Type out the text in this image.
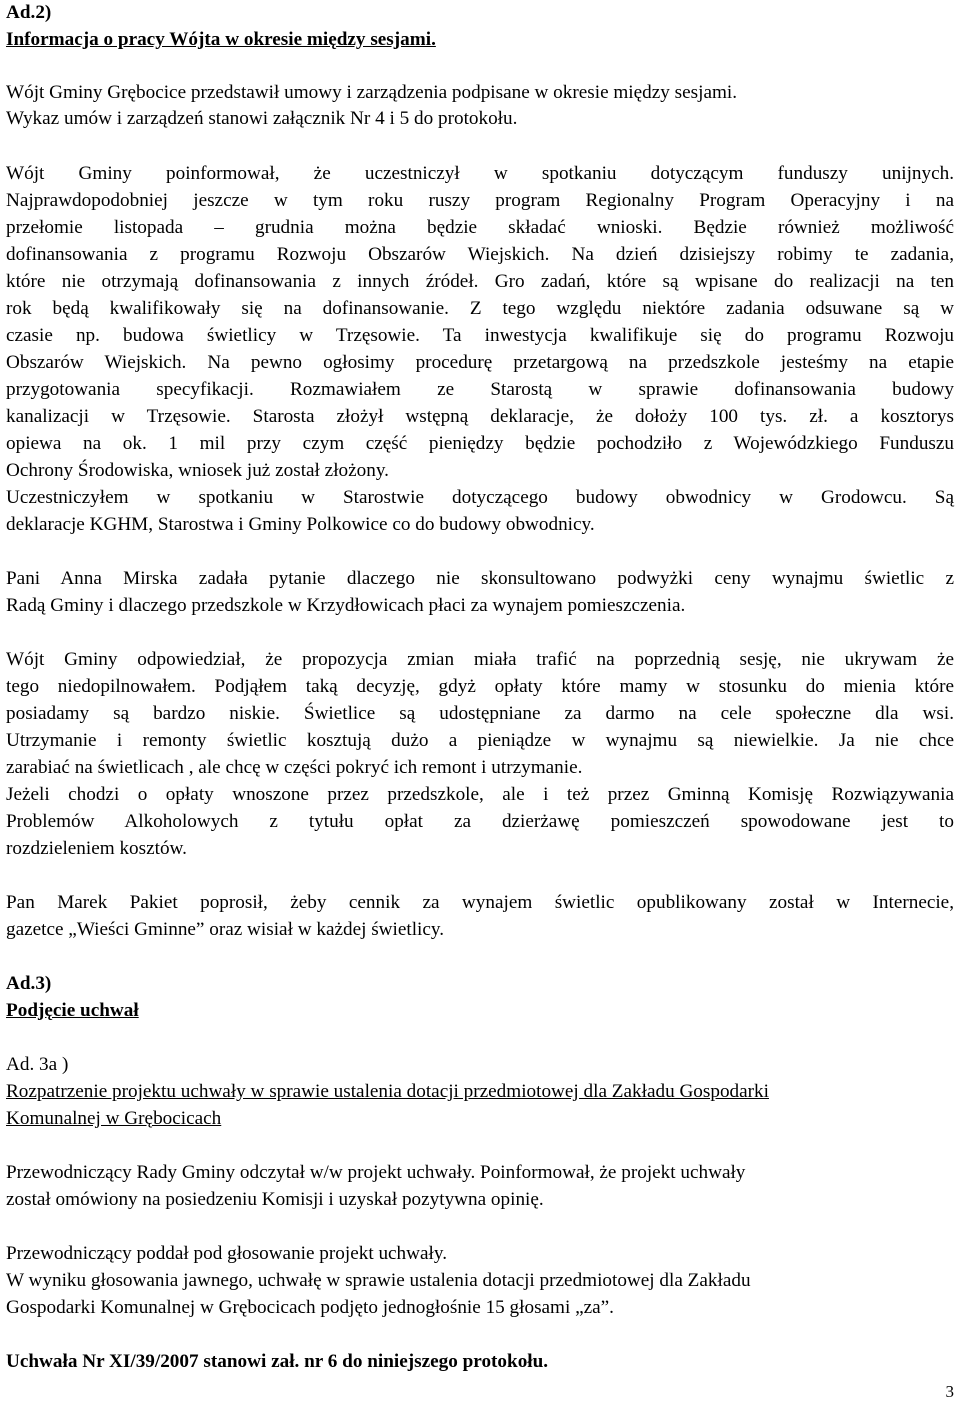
Ad.2)
Informacja o pracy Wójta w okresie między sesjami.
Wójt Gminy Grębocice przedstawił umowy i zarządzenia podpisane w okresie między sesjami.
Wykaz umów i zarządzeń stanowi załącznik Nr 4 i 5 do protokołu.
Wójt Gminy poinformował, że uczestniczył w spotkaniu dotyczącym funduszy unijnych.
Najprawdopodobniej jeszcze w tym roku ruszy program Regionalny Program Operacyjny i na
przełomie listopada – grudnia można będzie składać wnioski. Będzie również możliwość
dofinansowania z programu Rozwoju Obszarów Wiejskich. Na dzień dzisiejszy robimy te zadania,
które nie otrzymają dofinansowania z innych źródeł. Gro zadań, które są wpisane do realizacji na ten
rok będą kwalifikowały się na dofinansowanie. Z tego względu niektóre zadania odsuwane są w
czasie np. budowa świetlicy w Trzęsowie. Ta inwestycja kwalifikuje się do programu Rozwoju
Obszarów Wiejskich. Na pewno ogłosimy procedurę przetargową na przedszkole jesteśmy na etapie
przygotowania specyfikacji. Rozmawiałem ze Starostą w sprawie dofinansowania budowy
kanalizacji w Trzęsowie. Starosta złożył wstępną deklaracje, że dołoży 100 tys. zł. a kosztorys
opiewa na ok. 1 mil przy czym część pieniędzy będzie pochodziło z Wojewódzkiego Funduszu
Ochrony Środowiska, wniosek już został złożony.
Uczestniczyłem w spotkaniu w Starostwie dotyczącego budowy obwodnicy w Grodowcu. Są
deklaracje KGHM, Starostwa i Gminy Polkowice co do budowy obwodnicy.
Pani Anna Mirska zadała pytanie dlaczego nie skonsultowano podwyżki ceny wynajmu świetlic z
Radą Gminy i dlaczego przedszkole w Krzydłowicach płaci za wynajem pomieszczenia.
Wójt Gminy odpowiedział, że propozycja zmian miała trafić na poprzednią sesję, nie ukrywam że
tego niedopilnowałem. Podjąłem taką decyzję, gdyż opłaty które mamy w stosunku do mienia które
posiadamy są bardzo niskie. Świetlice są udostępniane za darmo na cele społeczne dla wsi.
Utrzymanie i remonty świetlic kosztują dużo a pieniądze w wynajmu są niewielkie. Ja nie chce
zarabiać na świetlicach , ale chcę w części pokryć ich remont i utrzymanie.
Jeżeli chodzi o opłaty wnoszone przez przedszkole, ale i też przez Gminną Komisję Rozwiązywania
Problemów Alkoholowych z tytułu opłat za dzierżawę pomieszczeń spowodowane jest to
rozdzieleniem kosztów.
Pan Marek Pakiet poprosił, żeby cennik za wynajem świetlic opublikowany został w Internecie,
gazetce „Wieści Gminne” oraz wisiał w każdej świetlicy.
Ad.3)
Podjęcie uchwał
Ad. 3a )
Rozpatrzenie projektu uchwały w sprawie ustalenia dotacji przedmiotowej dla Zakładu Gospodarki
Komunalnej w Grębocicach
Przewodniczący Rady Gminy odczytał w/w projekt uchwały. Poinformował, że projekt uchwały
został omówiony na posiedzeniu Komisji i uzyskał pozytywna opinię.
Przewodniczący poddał pod głosowanie projekt uchwały.
W wyniku głosowania jawnego, uchwałę w sprawie ustalenia dotacji przedmiotowej dla Zakładu
Gospodarki Komunalnej w Grębocicach podjęto jednogłośnie 15 głosami „za”.
Uchwała Nr XI/39/2007 stanowi zał. nr 6 do niniejszego protokołu.
3
